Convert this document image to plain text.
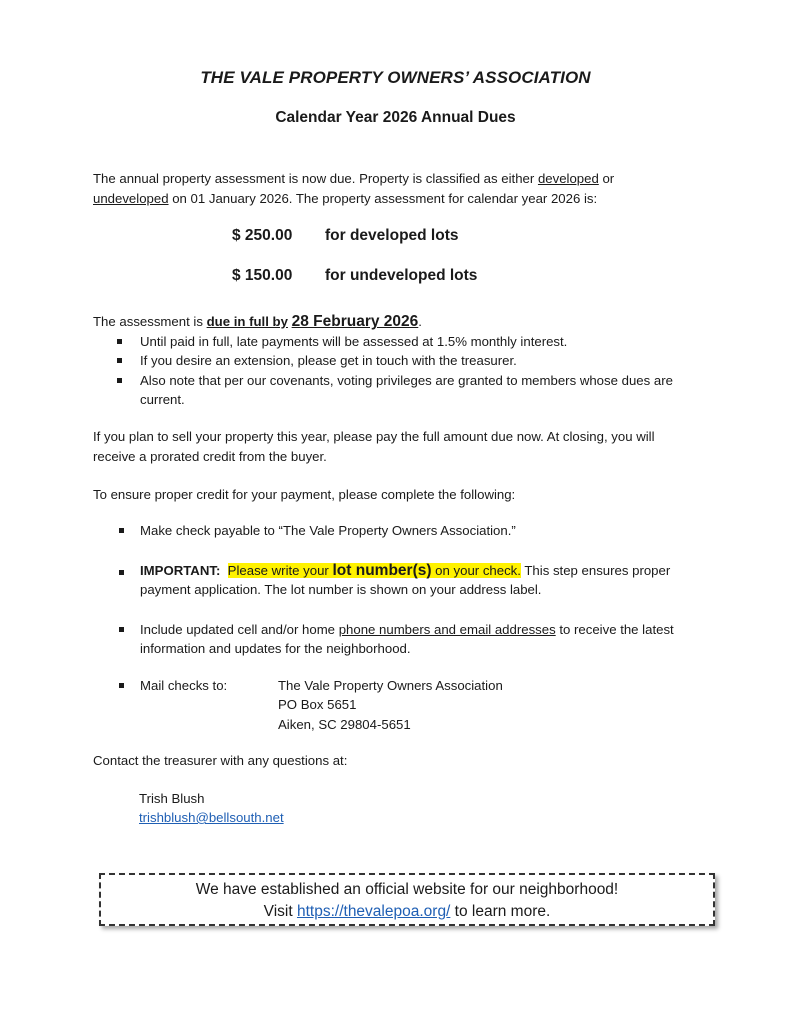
THE VALE PROPERTY OWNERS’ ASSOCIATION
Calendar Year 2026 Annual Dues
The annual property assessment is now due. Property is classified as either developed or
undeveloped on 01 January 2026. The property assessment for calendar year 2026 is:
$ 250.00 for developed lots
$ 150.00 for undeveloped lots
The assessment is due in full by 28 February 2026.
Until paid in full, late payments will be assessed at 1.5% monthly interest.
If you desire an extension, please get in touch with the treasurer.
Also note that per our covenants, voting privileges are granted to members whose dues are current.
If you plan to sell your property this year, please pay the full amount due now. At closing, you will receive a prorated credit from the buyer.
To ensure proper credit for your payment, please complete the following:
Make check payable to “The Vale Property Owners Association.”
IMPORTANT: Please write your lot number(s) on your check. This step ensures proper payment application. The lot number is shown on your address label.
Include updated cell and/or home phone numbers and email addresses to receive the latest information and updates for the neighborhood.
Mail checks to:	The Vale Property Owners Association
PO Box 5651
Aiken, SC 29804-5651
Contact the treasurer with any questions at:
Trish Blush
trishblush@bellsouth.net
We have established an official website for our neighborhood!
Visit https://thevalepoa.org/ to learn more.
